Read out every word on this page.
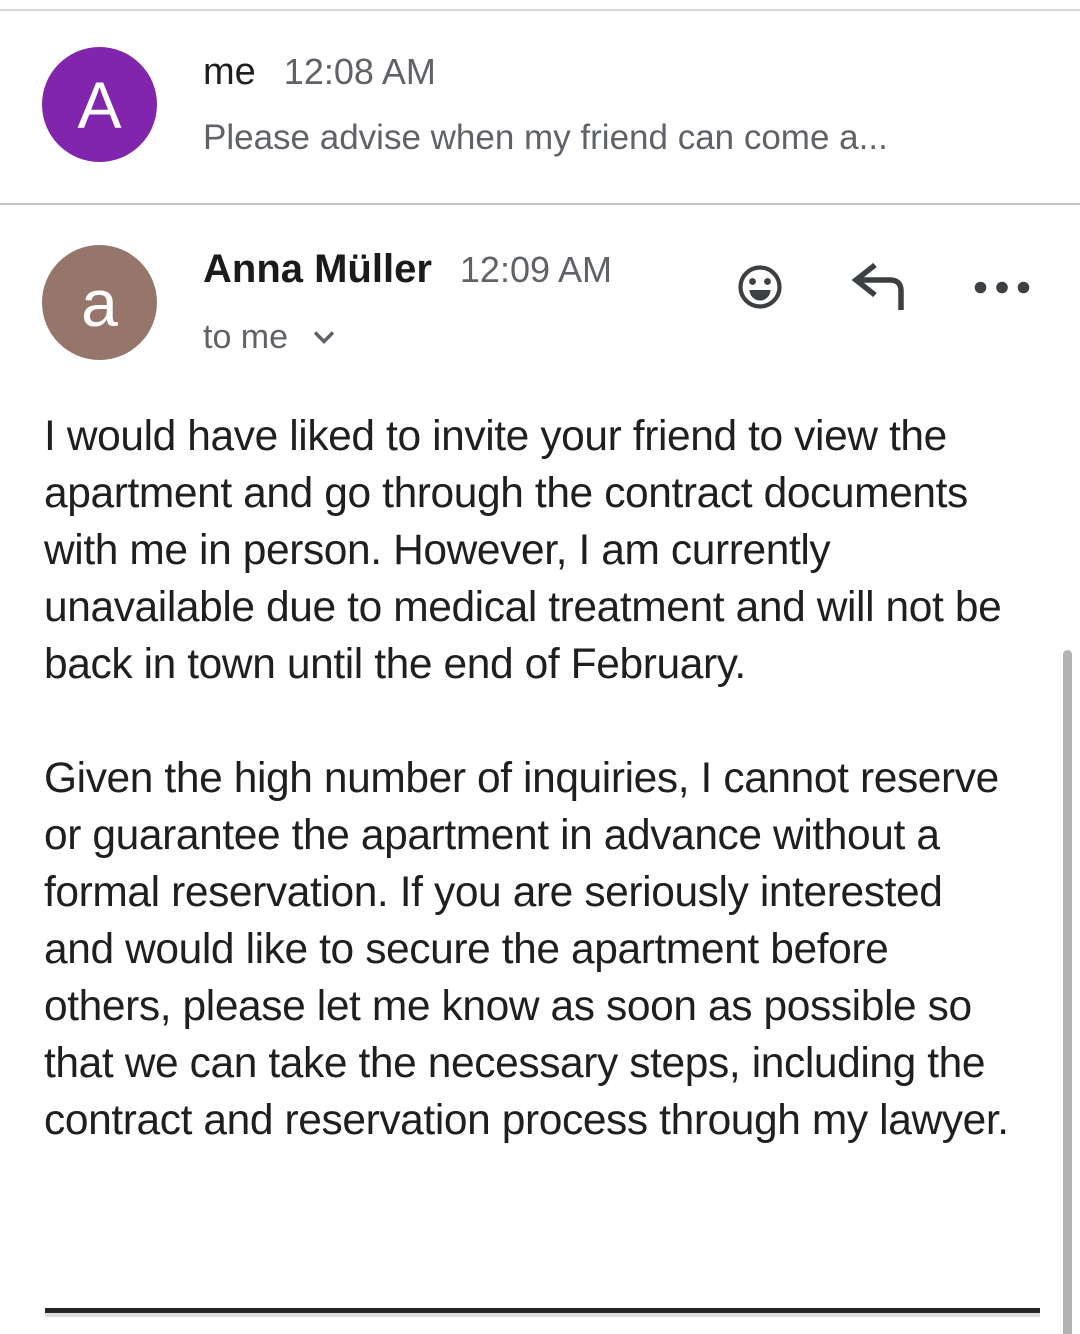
A me 12:08 AM
Please advise when my friend can come a...
a Anna Müller 12:09 AM
to me

I would have liked to invite your friend to view the apartment and go through the contract documents with me in person. However, I am currently unavailable due to medical treatment and will not be back in town until the end of February.

Given the high number of inquiries, I cannot reserve or guarantee the apartment in advance without a formal reservation. If you are seriously interested and would like to secure the apartment before others, please let me know as soon as possible so that we can take the necessary steps, including the contract and reservation process through my lawyer.
